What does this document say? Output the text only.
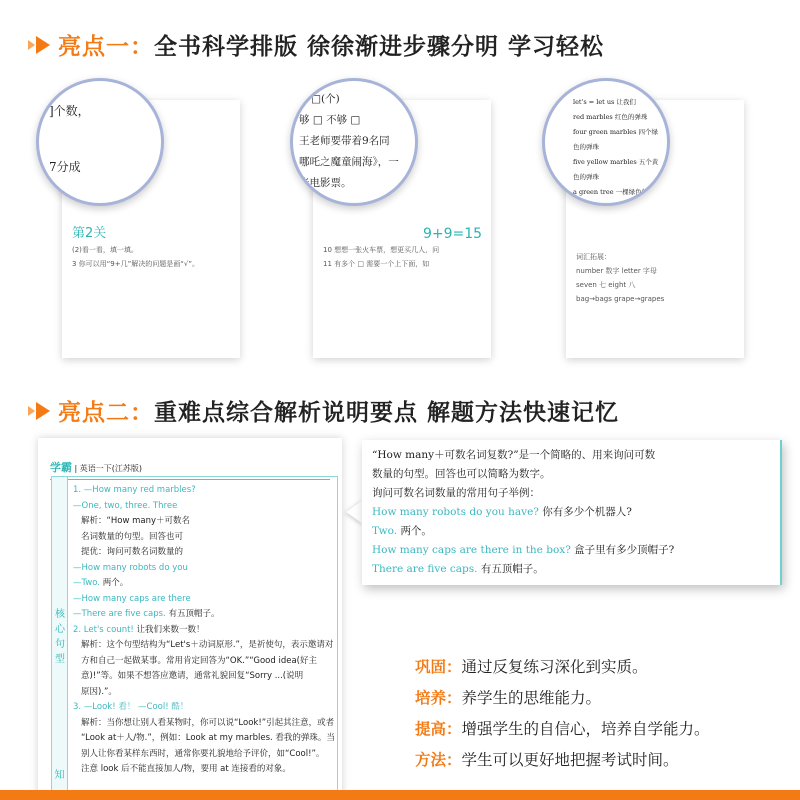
亮点一： 全书科学排版 徐徐渐进步骤分明 学习轻松
第2关
(2)看一看，填一填。
3 你可以用“9+几”解决的问题是画“√”。
]个数，
7分成
9+9=15
10 想想一张火车票，想更买几人，问
11 有多个 □ 需要一个上下面，如
= □(个)
够 □ 不够 □
王老师要带着9名同
哪吒之魔童闹海》，一
张电影票。
词汇拓展：
number 数字 letter 字母
seven 七 eight 八
bag→bags grape→grapes
let's = let us 让我们
red marbles 红色的弹珠
four green marbles 四个绿色的弹珠
five yellow marbles 五个黄色的弹珠
a green tree 一棵绿色的树
亮点二： 重难点综合解析说明要点 解题方法快速记忆
学霸 | 英语一下(江苏版)
核心句型
知
1. —How many red marbles?
—One, two, three. Three
解析：“How many＋可数名
名词数量的句型。回答也可
提优：询问可数名词数量的
—How many robots do you
—Two. 两个。
—How many caps are there
—There are five caps. 有五顶帽子。
2. Let's count! 让我们来数一数！
解析：这个句型结构为“Let's＋动词原形.”，是祈使句，表示邀请对
方和自己一起做某事。常用肯定回答为“OK.”“Good idea(好主
意)!”等。如果不想答应邀请，通常礼貌回复“Sorry ...(说明
原因).”。
3. —Look! 看！ —Cool! 酷！
解析：当你想让别人看某物时，你可以说“Look!”引起其注意，或者
“Look at＋人/物.”，例如：Look at my marbles. 看我的弹珠。当
别人让你看某样东西时，通常你要礼貌地给予评价，如“Cool!”。
注意 look 后不能直接加人/物，要用 at 连接看的对象。
“How many＋可数名词复数?”是一个简略的、用来询问可数
数量的句型。回答也可以简略为数字。
询问可数名词数量的常用句子举例：
How many robots do you have? 你有多少个机器人?
Two. 两个。
How many caps are there in the box? 盒子里有多少顶帽子?
There are five caps. 有五顶帽子。
巩固：通过反复练习深化到实质。
培养：养学生的思维能力。
提高：增强学生的自信心，培养自学能力。
方法：学生可以更好地把握考试时间。
